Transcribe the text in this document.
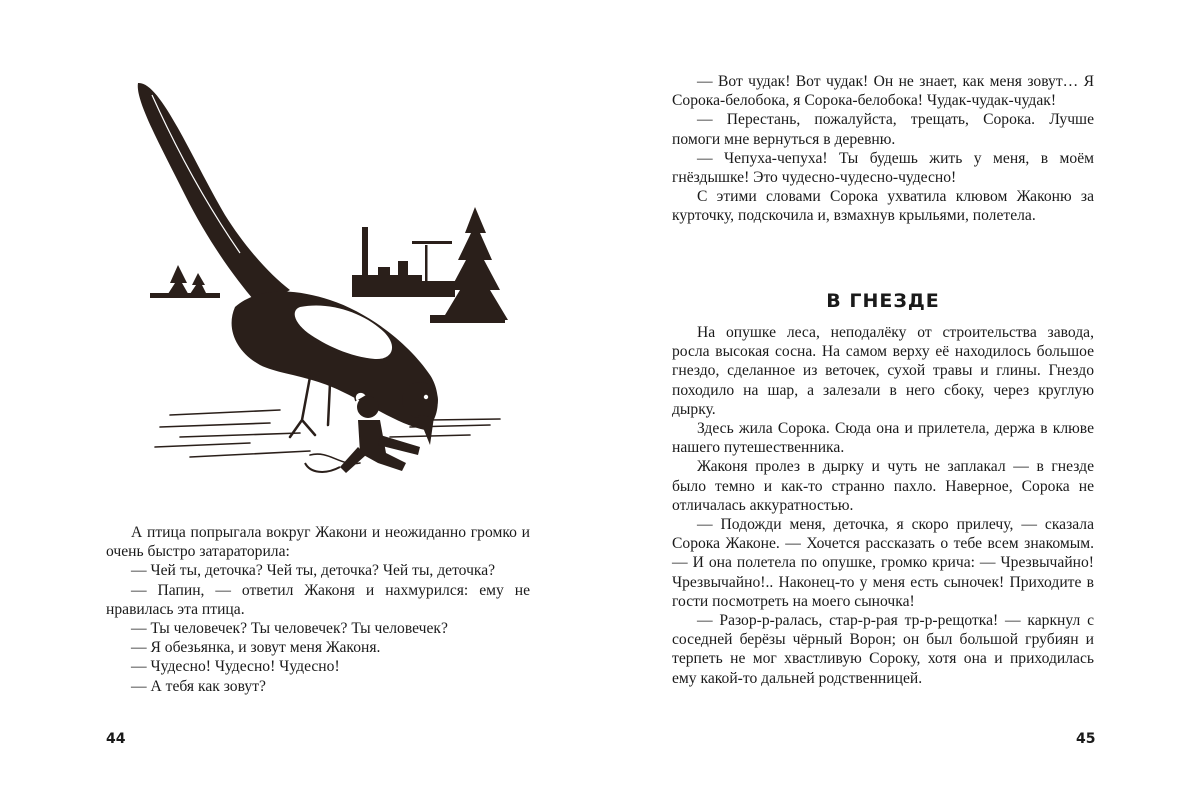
А птица попрыгала вокруг Жакони и неожиданно громко и очень быстро затараторила:

— Чей ты, деточка? Чей ты, деточка? Чей ты, деточка?

— Папин, — ответил Жаконя и нахмурился: ему не нравилась эта птица.

— Ты человечек? Ты человечек? Ты человечек?

— Я обезьянка, и зовут меня Жаконя.

— Чудесно! Чудесно! Чудесно!

— А тебя как зовут?

44

— Вот чудак! Вот чудак! Он не знает, как меня зовут… Я Сорока-белобока, я Сорока-белобока! Чудак-чудак-чудак!

— Перестань, пожалуйста, трещать, Сорока. Лучше помоги мне вернуться в деревню.

— Чепуха-чепуха! Ты будешь жить у меня, в моём гнёздышке! Это чудесно-чудесно-чудесно!

С этими словами Сорока ухватила клювом Жаконю за курточку, подскочила и, взмахнув крыльями, полетела.

В ГНЕЗДЕ

На опушке леса, неподалёку от строительства завода, росла высокая сосна. На самом верху её находилось большое гнездо, сделанное из веточек, сухой травы и глины. Гнездо походило на шар, а залезали в него сбоку, через круглую дырку.

Здесь жила Сорока. Сюда она и прилетела, держа в клюве нашего путешественника.

Жаконя пролез в дырку и чуть не заплакал — в гнезде было темно и как-то странно пахло. Наверное, Сорока не отличалась аккуратностью.

— Подожди меня, деточка, я скоро прилечу, — сказала Сорока Жаконе. — Хочется рассказать о тебе всем знакомым. — И она полетела по опушке, громко крича: — Чрезвычайно! Чрезвычайно!.. Наконец-то у меня есть сыночек! Приходите в гости посмотреть на моего сыночка!

— Разор-р-ралась, стар-р-рая тр-р-рещотка! — каркнул с соседней берёзы чёрный Ворон; он был большой грубиян и терпеть не мог хвастливую Сороку, хотя она и приходилась ему какой-то дальней родственницей.

45
